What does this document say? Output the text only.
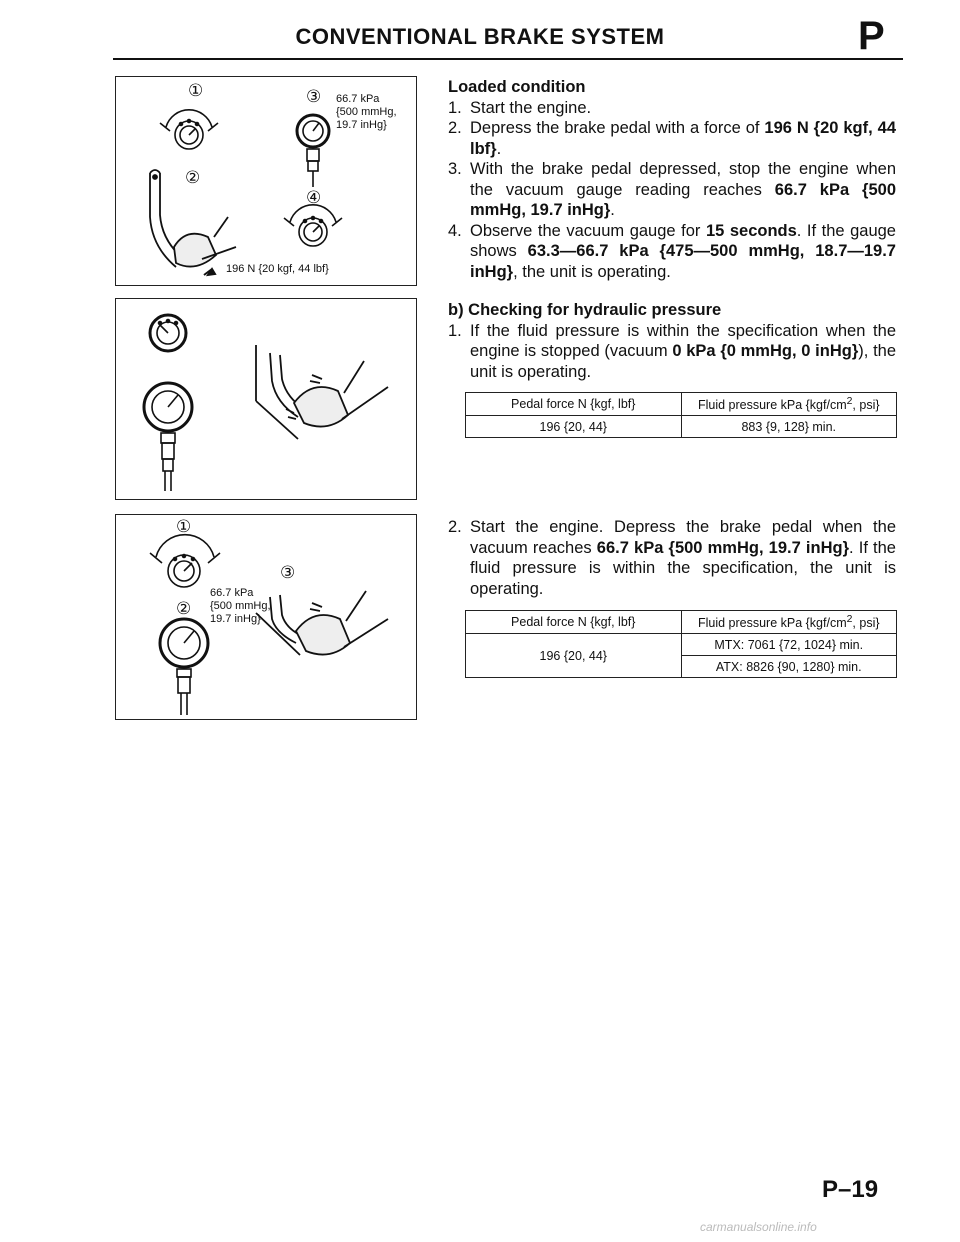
CONVENTIONAL BRAKE SYSTEM	P
①
②
③
④
66.7 kPa
{500 mmHg,
19.7 inHg}
196 N {20 kgf, 44 lbf}
①
②
③
66.7 kPa
{500 mmHg,
19.7 inHg}
Loaded condition
1. Start the engine.
2. Depress the brake pedal with a force of 196 N {20 kgf, 44 lbf}.
3. With the brake pedal depressed, stop the engine when the vacuum gauge reading reaches 66.7 kPa {500 mmHg, 19.7 inHg}.
4. Observe the vacuum gauge for 15 seconds. If the gauge shows 63.3—66.7 kPa {475—500 mmHg, 18.7—19.7 inHg}, the unit is operating.
b) Checking for hydraulic pressure
1. If the fluid pressure is within the specification when the engine is stopped (vacuum 0 kPa {0 mmHg, 0 inHg}), the unit is operating.
Pedal force N {kgf, lbf}	Fluid pressure kPa {$kgf/cm^2$, psi}
196 {20, 44}	883 {9, 128} min.
2. Start the engine. Depress the brake pedal when the vacuum reaches 66.7 kPa {500 mmHg, 19.7 inHg}. If the fluid pressure is within the specification, the unit is operating.
Pedal force N {kgf, lbf}	Fluid pressure kPa {$kgf/cm^2$, psi}
196 {20, 44}	MTX: 7061 {72, 1024} min.
	ATX: 8826 {90, 1280} min.
P–19
carmanualsonline.info
